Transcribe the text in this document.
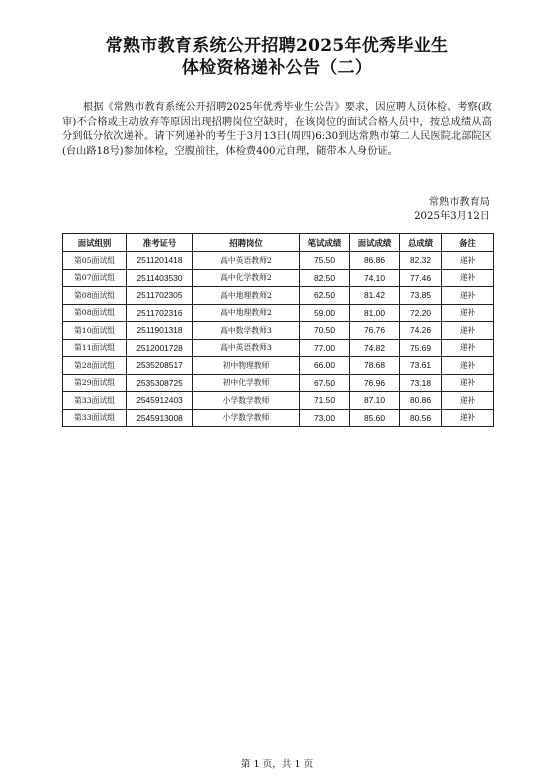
常熟市教育系统公开招聘2025年优秀毕业生
体检资格递补公告（二）
根据《常熟市教育系统公开招聘2025年优秀毕业生公告》要求，因应聘人员体检、考察(政审)不合格或主动放弃等原因出现招聘岗位空缺时，在该岗位的面试合格人员中，按总成绩从高分到低分依次递补。请下列递补的考生于3月13日(周四)6:30到达常熟市第二人民医院北部院区(台山路18号)参加体检，空腹前往，体检费400元自理，随带本人身份证。
常熟市教育局
2025年3月12日
面试组别	准考证号	招聘岗位	笔试成绩	面试成绩	总成绩	备注
第05面试组	2511201418	高中英语教师2	75.50	86.86	82.32	递补
第07面试组	2511403530	高中化学教师2	82.50	74.10	77.46	递补
第08面试组	2511702305	高中地理教师2	62.50	81.42	73.85	递补
第08面试组	2511702316	高中地理教师2	59.00	81.00	72.20	递补
第10面试组	2511901318	高中数学教师3	70.50	76.76	74.26	递补
第11面试组	2512001728	高中英语教师3	77.00	74.82	75.69	递补
第28面试组	2535208517	初中物理教师	66.00	78.68	73.61	递补
第29面试组	2535308725	初中化学教师	67.50	76.96	73.18	递补
第33面试组	2545912403	小学数学教师	71.50	87.10	80.86	递补
第33面试组	2545913008	小学数学教师	73.00	85.60	80.56	递补
第 1 页，共 1 页
